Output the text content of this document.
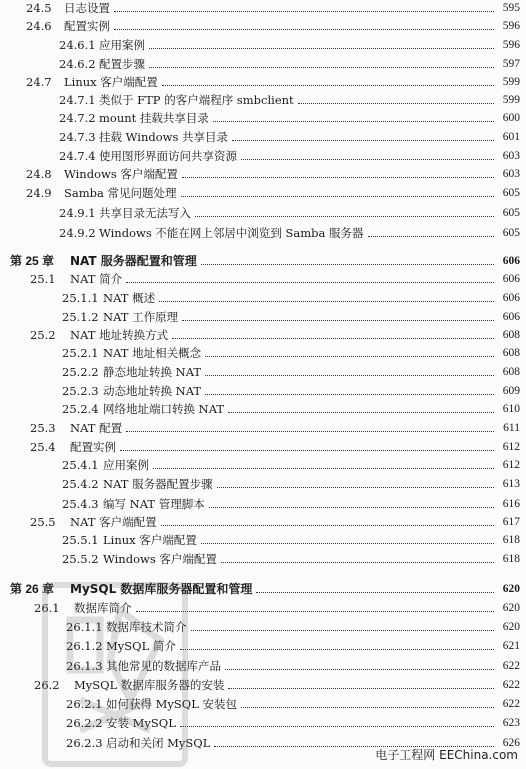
24.5	日志设置	595
24.6	配置实例	596
24.6.1 应用案例	596
24.6.2 配置步骤	597
24.7	Linux 客户端配置	599
24.7.1 类似于 FTP 的客户端程序 smbclient	599
24.7.2 mount 挂载共享目录	600
24.7.3 挂载 Windows 共享目录	601
24.7.4 使用图形界面访问共享资源	603
24.8	Windows 客户端配置	603
24.9	Samba 常见问题处理	605
24.9.1 共享目录无法写入	605
24.9.2 Windows 不能在网上邻居中浏览到 Samba 服务器	605
第 25 章	NAT 服务器配置和管理	606
25.1	NAT 简介	606
25.1.1 NAT 概述	606
25.1.2 NAT 工作原理	606
25.2	NAT 地址转换方式	608
25.2.1 NAT 地址相关概念	608
25.2.2 静态地址转换 NAT	608
25.2.3 动态地址转换 NAT	609
25.2.4 网络地址端口转换 NAT	610
25.3	NAT 配置	611
25.4	配置实例	612
25.4.1 应用案例	612
25.4.2 NAT 服务器配置步骤	613
25.4.3 编写 NAT 管理脚本	616
25.5	NAT 客户端配置	617
25.5.1 Linux 客户端配置	618
25.5.2 Windows 客户端配置	618
第 26 章	MySQL 数据库服务器配置和管理	620
26.1	数据库简介	620
26.1.1 数据库技术简介	620
26.1.2 MySQL 简介	621
26.1.3 其他常见的数据库产品	622
26.2	MySQL 数据库服务器的安装	622
26.2.1 如何获得 MySQL 安装包	622
26.2.2 安装 MySQL	623
26.2.3 启动和关闭 MySQL	626
电子工程网 EEChina.com
